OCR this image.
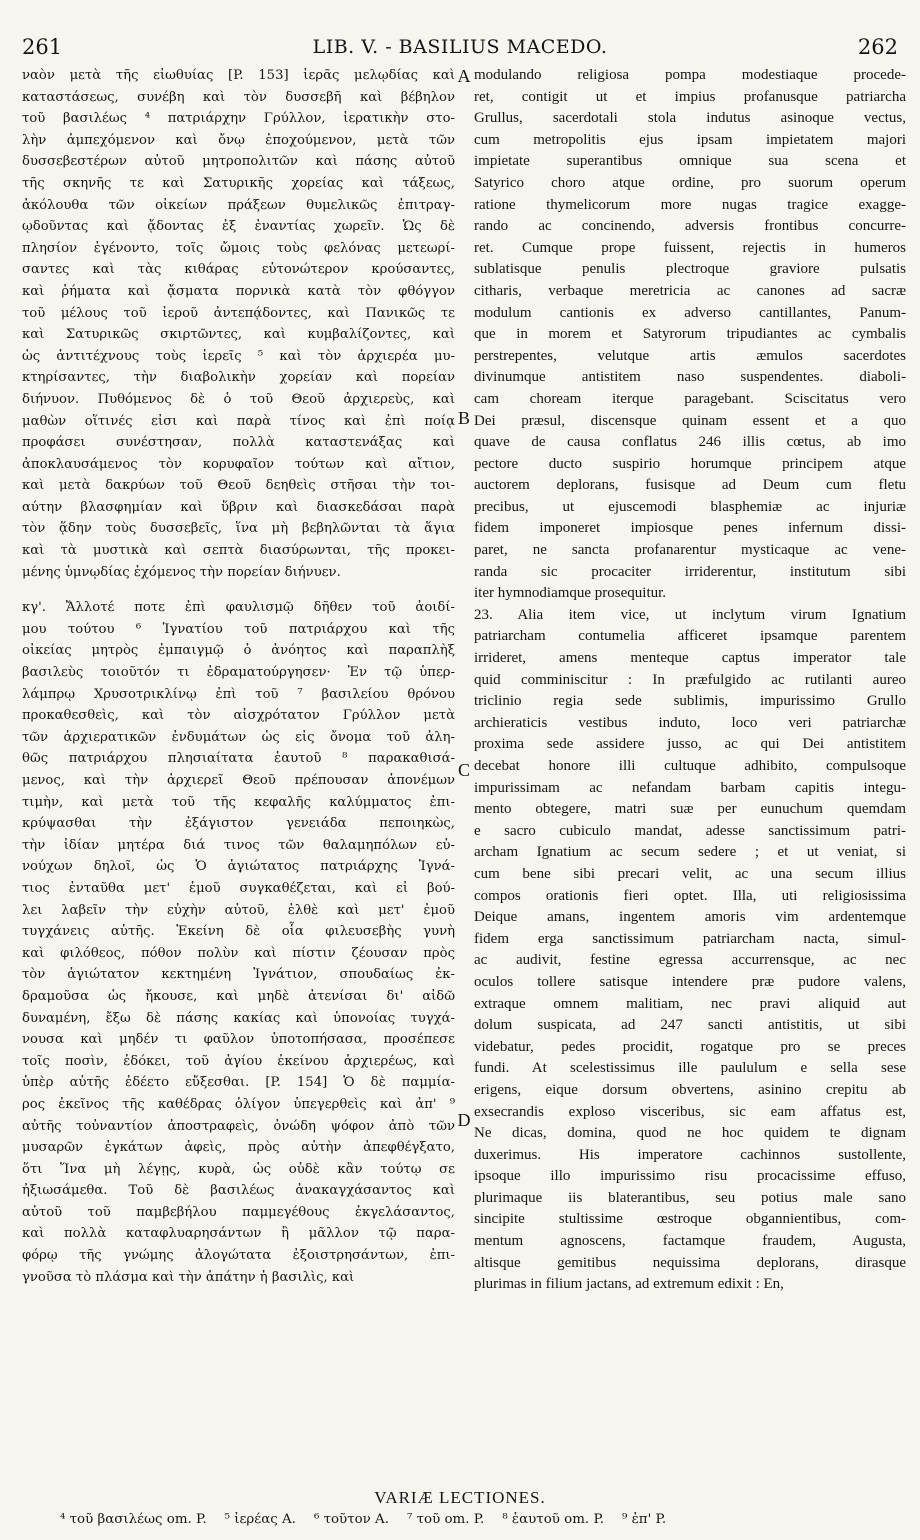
261	LIB. V. - BASILIUS MACEDO.	262
ναὸν μετὰ τῆς εἰωθυίας [P. 153] ἱερᾶς μελῳδίας καὶ
καταστάσεως, συνέβη καὶ τὸν δυσσεβῆ καὶ βέβηλον
τοῦ βασιλέως ⁴ πατριάρχην Γρύλλον, ἱερατικὴν στο-
λὴν ἀμπεχόμενον καὶ ὄνῳ ἐποχούμενον, μετὰ τῶν
δυσσεβεστέρων αὐτοῦ μητροπολιτῶν καὶ πάσης αὐτοῦ
τῆς σκηνῆς τε καὶ Σατυρικῆς χορείας καὶ τάξεως,
ἀκόλουθα τῶν οἰκείων πράξεων θυμελικῶς ἐπιτραγ-
ῳδοῦντας καὶ ᾄδοντας ἐξ ἐναντίας χωρεῖν. Ὡς δὲ
πλησίον ἐγένοντο, τοῖς ὤμοις τοὺς φελόνας μετεωρί-
σαντες καὶ τὰς κιθάρας εὐτονώτερον κρούσαντες,
καὶ ῥήματα καὶ ᾄσματα πορνικὰ κατὰ τὸν φθόγγον
τοῦ μέλους τοῦ ἱεροῦ ἀντεπᾴδοντες, καὶ Πανικῶς τε
καὶ Σατυρικῶς σκιρτῶντες, καὶ κυμβαλίζοντες, καὶ
ὡς ἀντιτέχνους τοὺς ἱερεῖς ⁵ καὶ τὸν ἀρχιερέα μυ-
κτηρίσαντες, τὴν διαβολικὴν χορείαν καὶ πορείαν
διήνυον. Πυθόμενος δὲ ὁ τοῦ Θεοῦ ἀρχιερεὺς, καὶ
μαθὼν οἵτινές εἰσι καὶ παρὰ τίνος καὶ ἐπὶ ποίᾳ
προφάσει συνέστησαν, πολλὰ καταστενάξας καὶ
ἀποκλαυσάμενος τὸν κορυφαῖον τούτων καὶ αἴτιον,
καὶ μετὰ δακρύων τοῦ Θεοῦ δεηθεὶς στῆσαι τὴν τοι-
αύτην βλασφημίαν καὶ ὕβριν καὶ διασκεδάσαι παρὰ
τὸν ᾅδην τοὺς δυσσεβεῖς, ἵνα μὴ βεβηλῶνται τὰ ἅγια
καὶ τὰ μυστικὰ καὶ σεπτὰ διασύρωνται, τῆς προκει-
μένης ὑμνῳδίας ἐχόμενος τὴν πορείαν διήνυεν.
κγ'. Ἄλλοτέ ποτε ἐπὶ φαυλισμῷ δῆθεν τοῦ ἀοιδί-
μου τούτου ⁶ Ἰγνατίου τοῦ πατριάρχου καὶ τῆς
οἰκείας μητρὸς ἐμπαιγμῷ ὁ ἀνόητος καὶ παραπλὴξ
βασιλεὺς τοιοῦτόν τι ἐδραματούργησεν· Ἐν τῷ ὑπερ-
λάμπρῳ Χρυσοτρικλίνῳ ἐπὶ τοῦ ⁷ βασιλείου θρόνου
προκαθεσθεὶς, καὶ τὸν αἰσχρότατον Γρύλλον μετὰ
τῶν ἀρχιερατικῶν ἐνδυμάτων ὡς εἰς ὄνομα τοῦ ἀλη-
θῶς πατριάρχου πλησιαίτατα ἑαυτοῦ ⁸ παρακαθισά-
μενος, καὶ τὴν ἀρχιερεῖ Θεοῦ πρέπουσαν ἀπονέμων
τιμὴν, καὶ μετὰ τοῦ τῆς κεφαλῆς καλύμματος ἐπι-
κρύψασθαι τὴν ἐξάγιστον γενειάδα πεποιηκὼς,
τὴν ἰδίαν μητέρα διά τινος τῶν θαλαμηπόλων εὐ-
νούχων δηλοῖ, ὡς Ὁ ἁγιώτατος πατριάρχης Ἰγνά-
τιος ἐνταῦθα μετ' ἐμοῦ συγκαθέζεται, καὶ εἰ βού-
λει λαβεῖν τὴν εὐχὴν αὐτοῦ, ἐλθὲ καὶ μετ' ἐμοῦ
τυγχάνεις αὐτῆς. Ἐκείνη δὲ οἷα φιλευσεβὴς γυνὴ
καὶ φιλόθεος, πόθον πολὺν καὶ πίστιν ζέουσαν πρὸς
τὸν ἁγιώτατον κεκτημένη Ἰγνάτιον, σπουδαίως ἐκ-
δραμοῦσα ὡς ἤκουσε, καὶ μηδὲ ἀτενίσαι δι' αἰδῶ
δυναμένη, ἔξω δὲ πάσης κακίας καὶ ὑπονοίας τυγχά-
νουσα καὶ μηδέν τι φαῦλον ὑποτοπήσασα, προσέπεσε
τοῖς ποσὶν, ἐδόκει, τοῦ ἁγίου ἐκείνου ἀρχιερέως, καὶ
ὑπὲρ αὐτῆς ἐδέετο εὔξεσθαι. [P. 154] Ὁ δὲ παμμία-
ρος ἐκεῖνος τῆς καθέδρας ὀλίγον ὑπεγερθεὶς καὶ ἀπ' ⁹
αὐτῆς τοὐναντίον ἀποστραφεὶς, ὀνώδη ψόφον ἀπὸ τῶν
μυσαρῶν ἐγκάτων ἀφεὶς, πρὸς αὐτὴν ἀπεφθέγξατο,
ὅτι Ἵνα μὴ λέγῃς, κυρὰ, ὡς οὐδὲ κἂν τούτῳ σε
ἠξιωσάμεθα. Τοῦ δὲ βασιλέως ἀνακαγχάσαντος καὶ
αὐτοῦ τοῦ παμβεβήλου παμμεγέθους ἐκγελάσαντος,
καὶ πολλὰ καταφλυαρησάντων ἢ μᾶλλον τῷ παρα-
φόρῳ τῆς γνώμης ἀλογώτατα ἐξοιστρησάντων, ἐπι-
γνοῦσα τὸ πλάσμα καὶ τὴν ἀπάτην ἡ βασιλὶς, καὶ
modulando religiosa pompa modestiaque procede-
ret, contigit ut et impius profanusque patriarcha
Grullus, sacerdotali stola indutus asinoque vectus,
cum metropolitis ejus ipsam impietatem majori
impietate superantibus omnique sua scena et
Satyrico choro atque ordine, pro suorum operum
ratione thymelicorum more nugas tragice exagge-
rando ac concinendo, adversis frontibus concurre-
ret. Cumque prope fuissent, rejectis in humeros
sublatisque penulis plectroque graviore pulsatis
citharis, verbaque meretricia ac canones ad sacræ
modulum cantionis ex adverso cantillantes, Panum-
que in morem et Satyrorum tripudiantes ac cymbalis
perstrepentes, velutque artis æmulos sacerdotes
divinumque antistitem naso suspendentes. diaboli-
cam choream iterque paragebant. Sciscitatus vero
Dei præsul, discensque quinam essent et a quo
quave de causa conflatus 246 illis cœtus, ab imo
pectore ducto suspirio horumque principem atque
auctorem deplorans, fusisque ad Deum cum fletu
precibus, ut ejuscemodi blasphemiæ ac injuriæ
fidem imponeret impiosque penes infernum dissi-
paret, ne sancta profanarentur mysticaque ac vene-
randa sic procaciter irriderentur, institutum sibi
iter hymnodiamque prosequitur.
23. Alia item vice, ut inclytum virum Ignatium
patriarcham contumelia afficeret ipsamque parentem
irrideret, amens menteque captus imperator tale
quid comminiscitur : In præfulgido ac rutilanti aureo
triclinio regia sede sublimis, impurissimo Grullo
archieraticis vestibus induto, loco veri patriarchæ
proxima sede assidere jusso, ac qui Dei antistitem
decebat honore illi cultuque adhibito, compulsoque
impurissimam ac nefandam barbam capitis integu-
mento obtegere, matri suæ per eunuchum quemdam
e sacro cubiculo mandat, adesse sanctissimum patri-
archam Ignatium ac secum sedere ; et ut veniat, si
cum bene sibi precari velit, ac una secum illius
compos orationis fieri optet. Illa, uti religiosissima
Deique amans, ingentem amoris vim ardentemque
fidem erga sanctissimum patriarcham nacta, simul-
ac audivit, festine egressa accurrensque, ac nec
oculos tollere satisque intendere præ pudore valens,
extraque omnem malitiam, nec pravi aliquid aut
dolum suspicata, ad 247 sancti antistitis, ut sibi
videbatur, pedes procidit, rogatque pro se preces
fundi. At scelestissimus ille paululum e sella sese
erigens, eique dorsum obvertens, asinino crepitu ab
exsecrandis exploso visceribus, sic eam affatus est,
Ne dicas, domina, quod ne hoc quidem te dignam
duxerimus. His imperatore cachinnos sustollente,
ipsoque illo impurissimo risu procacissime effuso,
plurimaque iis blaterantibus, seu potius male sano
sincipite stultissime œstroque obgannientibus, com-
mentum agnoscens, factamque fraudem, Augusta,
altisque gemitibus nequissima deplorans, dirasque
plurimas in filium jactans, ad extremum edixit : En,
A
B
C
D
VARIÆ LECTIONES.
⁴ τοῦ βασιλέως om. P. ⁵ ἱερέας A. ⁶ τοῦτον A. ⁷ τοῦ om. P. ⁸ ἑαυτοῦ om. P. ⁹ ἐπ' P.
